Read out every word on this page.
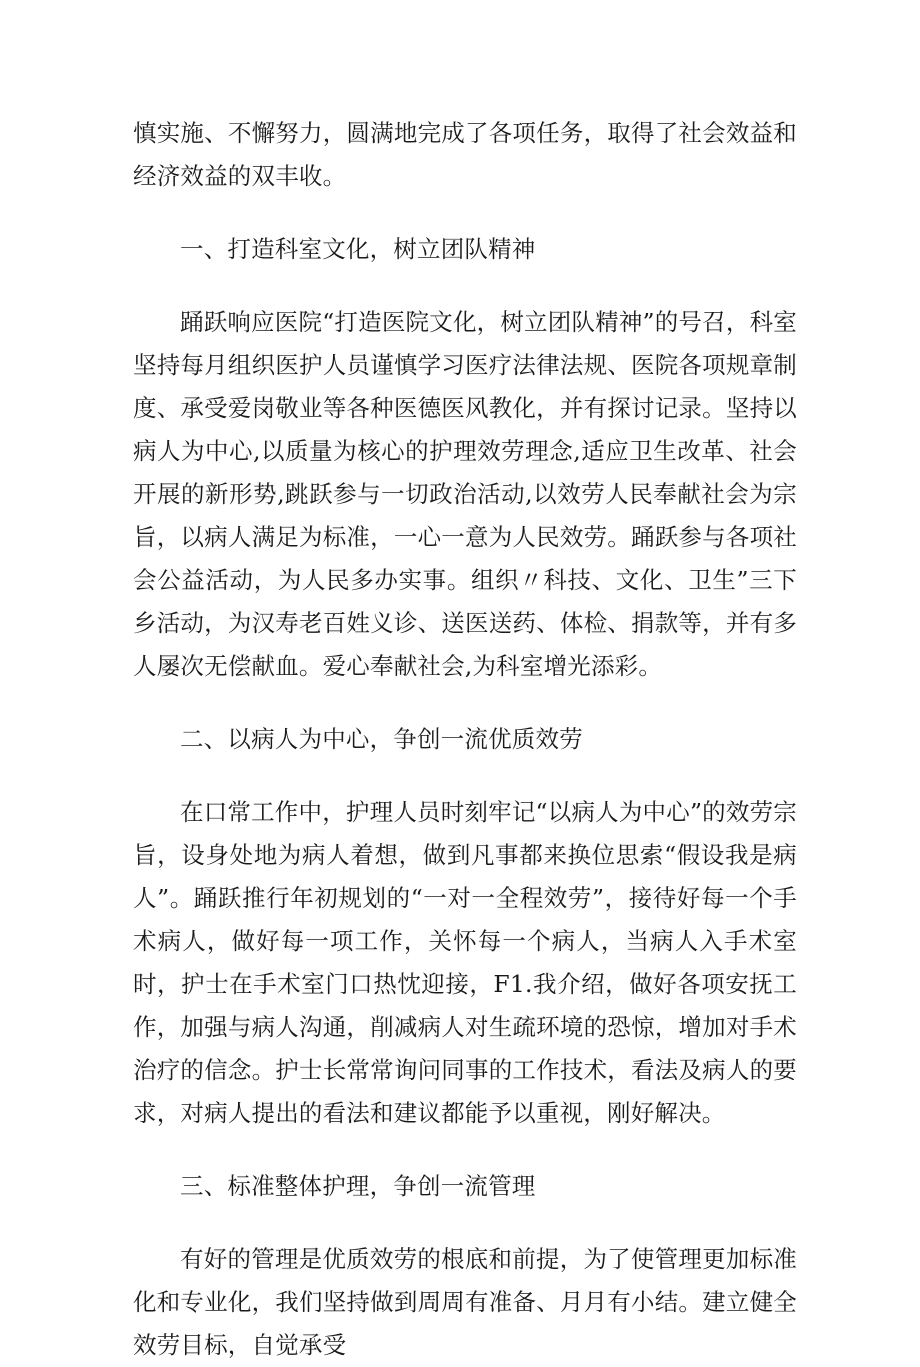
慎实施、不懈努力，圆满地完成了各项任务，取得了社会效益和经济效益的双丰收。

一、打造科室文化，树立团队精神

踊跃响应医院“打造医院文化，树立团队精神”的号召，科室坚持每月组织医护人员谨慎学习医疗法律法规、医院各项规章制度、承受爱岗敬业等各种医德医风教化，并有探讨记录。坚持以病人为中心,以质量为核心的护理效劳理念,适应卫生改革、社会开展的新形势,跳跃参与一切政治活动,以效劳人民奉献社会为宗旨，以病人满足为标准，一心一意为人民效劳。踊跃参与各项社会公益活动，为人民多办实事。组织〃科技、文化、卫生”三下乡活动，为汉寿老百姓义诊、送医送药、体检、捐款等，并有多人屡次无偿献血。爱心奉献社会,为科室增光添彩。

二、以病人为中心，争创一流优质效劳

在口常工作中，护理人员时刻牢记“以病人为中心”的效劳宗旨，设身处地为病人着想，做到凡事都来换位思索“假设我是病人”。踊跃推行年初规划的“一对一全程效劳”，接待好每一个手术病人，做好每一项工作，关怀每一个病人，当病人入手术室时，护士在手术室门口热忱迎接，F1.我介绍，做好各项安抚工作，加强与病人沟通，削减病人对生疏环境的恐惊，增加对手术治疗的信念。护士长常常询问同事的工作技术，看法及病人的要求，对病人提出的看法和建议都能予以重视，刚好解决。

三、标准整体护理，争创一流管理

有好的管理是优质效劳的根底和前提，为了使管理更加标准化和专业化，我们坚持做到周周有准备、月月有小结。建立健全效劳目标，自觉承受
